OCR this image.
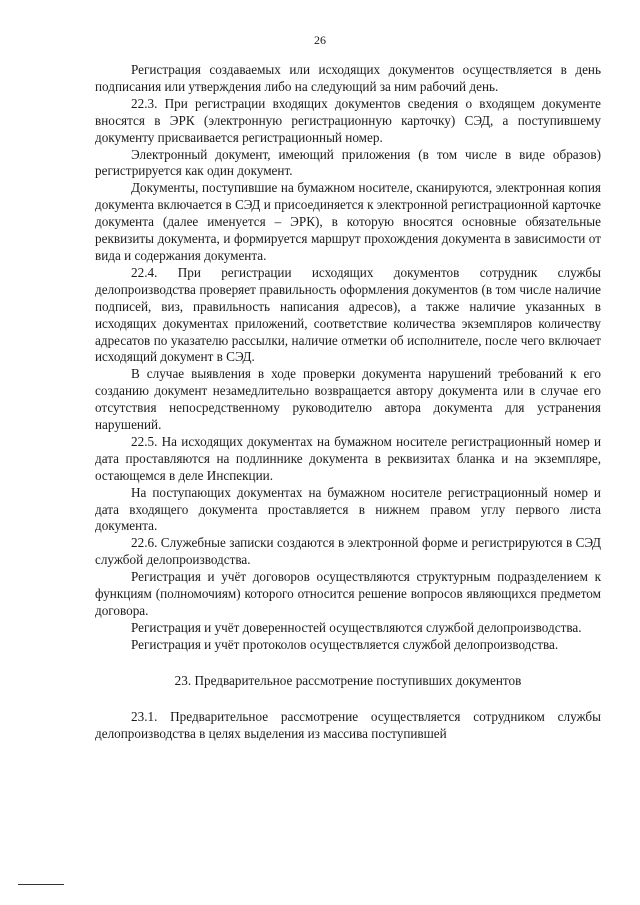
26

Регистрация создаваемых или исходящих документов осуществляется в день подписания или утверждения либо на следующий за ним рабочий день.

22.3. При регистрации входящих документов сведения о входящем документе вносятся в ЭРК (электронную регистрационную карточку) СЭД, а поступившему документу присваивается регистрационный номер.

Электронный документ, имеющий приложения (в том числе в виде образов) регистрируется как один документ.

Документы, поступившие на бумажном носителе, сканируются, электронная копия документа включается в СЭД и присоединяется к электронной регистрационной карточке документа (далее именуется – ЭРК), в которую вносятся основные обязательные реквизиты документа, и формируется маршрут прохождения документа в зависимости от вида и содержания документа.

22.4. При регистрации исходящих документов сотрудник службы делопроизводства проверяет правильность оформления документов (в том числе наличие подписей, виз, правильность написания адресов), а также наличие указанных в исходящих документах приложений, соответствие количества экземпляров количеству адресатов по указателю рассылки, наличие отметки об исполнителе, после чего включает исходящий документ в СЭД.

В случае выявления в ходе проверки документа нарушений требований к его созданию документ незамедлительно возвращается автору документа или в случае его отсутствия непосредственному руководителю автора документа для устранения нарушений.

22.5. На исходящих документах на бумажном носителе регистрационный номер и дата проставляются на подлиннике документа в реквизитах бланка и на экземпляре, остающемся в деле Инспекции.

На поступающих документах на бумажном носителе регистрационный номер и дата входящего документа проставляется в нижнем правом углу первого листа документа.

22.6. Служебные записки создаются в электронной форме и регистрируются в СЭД службой делопроизводства.

Регистрация и учёт договоров осуществляются структурным подразделением к функциям (полномочиям) которого относится решение вопросов являющихся предметом договора.

Регистрация и учёт доверенностей осуществляются службой делопроизводства.

Регистрация и учёт протоколов осуществляется службой делопроизводства.

23. Предварительное рассмотрение поступивших документов

23.1. Предварительное рассмотрение осуществляется сотрудником службы делопроизводства в целях выделения из массива поступившей
